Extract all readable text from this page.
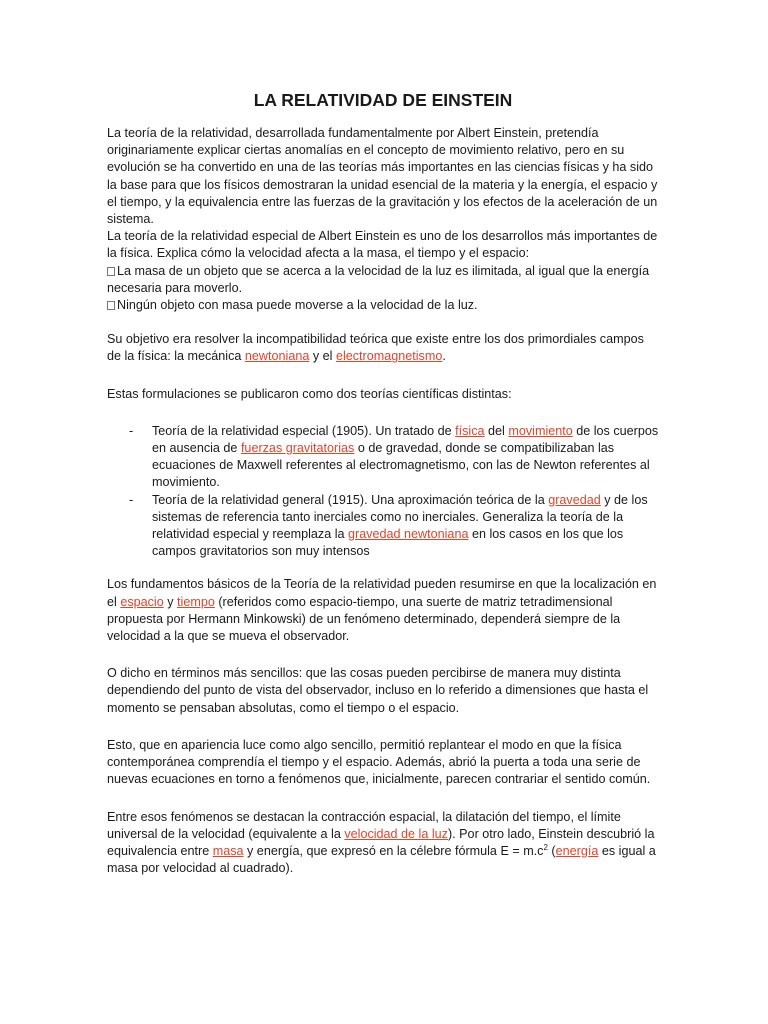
LA RELATIVIDAD DE EINSTEIN

La teoría de la relatividad, desarrollada fundamentalmente por Albert Einstein, pretendía originariamente explicar ciertas anomalías en el concepto de movimiento relativo, pero en su evolución se ha convertido en una de las teorías más importantes en las ciencias físicas y ha sido la base para que los físicos demostraran la unidad esencial de la materia y la energía, el espacio y el tiempo, y la equivalencia entre las fuerzas de la gravitación y los efectos de la aceleración de un sistema.

La teoría de la relatividad especial de Albert Einstein es uno de los desarrollos más importantes de la física. Explica cómo la velocidad afecta a la masa, el tiempo y el espacio:

La masa de un objeto que se acerca a la velocidad de la luz es ilimitada, al igual que la energía necesaria para moverlo.

Ningún objeto con masa puede moverse a la velocidad de la luz.

Su objetivo era resolver la incompatibilidad teórica que existe entre los dos primordiales campos de la física: la mecánica newtoniana y el electromagnetismo.

Estas formulaciones se publicaron como dos teorías científicas distintas:

- Teoría de la relatividad especial (1905). Un tratado de física del movimiento de los cuerpos en ausencia de fuerzas gravitatorias o de gravedad, donde se compatibilizaban las ecuaciones de Maxwell referentes al electromagnetismo, con las de Newton referentes al movimiento.
- Teoría de la relatividad general (1915). Una aproximación teórica de la gravedad y de los sistemas de referencia tanto inerciales como no inerciales. Generaliza la teoría de la relatividad especial y reemplaza la gravedad newtoniana en los casos en los que los campos gravitatorios son muy intensos

Los fundamentos básicos de la Teoría de la relatividad pueden resumirse en que la localización en el espacio y tiempo (referidos como espacio-tiempo, una suerte de matriz tetradimensional propuesta por Hermann Minkowski) de un fenómeno determinado, dependerá siempre de la velocidad a la que se mueva el observador.

O dicho en términos más sencillos: que las cosas pueden percibirse de manera muy distinta dependiendo del punto de vista del observador, incluso en lo referido a dimensiones que hasta el momento se pensaban absolutas, como el tiempo o el espacio.

Esto, que en apariencia luce como algo sencillo, permitió replantear el modo en que la física contemporánea comprendía el tiempo y el espacio. Además, abrió la puerta a toda una serie de nuevas ecuaciones en torno a fenómenos que, inicialmente, parecen contrariar el sentido común.

Entre esos fenómenos se destacan la contracción espacial, la dilatación del tiempo, el límite universal de la velocidad (equivalente a la velocidad de la luz). Por otro lado, Einstein descubrió la equivalencia entre masa y energía, que expresó en la célebre fórmula $E = m.c^2$ (energía es igual a masa por velocidad al cuadrado).
